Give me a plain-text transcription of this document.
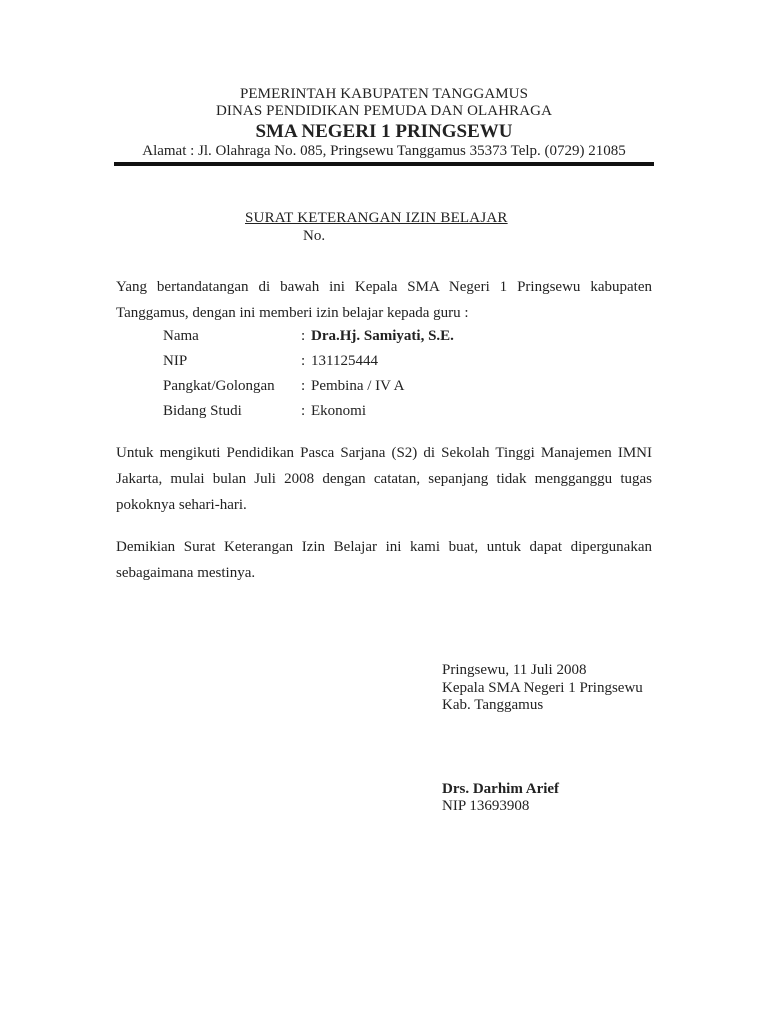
PEMERINTAH KABUPATEN TANGGAMUS
DINAS PENDIDIKAN PEMUDA DAN OLAHRAGA
SMA NEGERI 1 PRINGSEWU
Alamat : Jl. Olahraga No. 085, Pringsewu Tanggamus 35373 Telp. (0729) 21085
SURAT KETERANGAN IZIN BELAJAR
No.
Yang bertandatangan di bawah ini Kepala SMA Negeri 1 Pringsewu kabupaten Tanggamus, dengan ini memberi izin belajar kepada guru :
Nama	: Dra.Hj. Samiyati, S.E.
NIP	: 131125444
Pangkat/Golongan : Pembina / IV A
Bidang Studi	: Ekonomi
Untuk mengikuti Pendidikan Pasca Sarjana (S2) di Sekolah Tinggi Manajemen IMNI Jakarta, mulai bulan Juli 2008 dengan catatan, sepanjang tidak mengganggu tugas pokoknya sehari-hari.
Demikian Surat Keterangan Izin Belajar ini kami buat, untuk dapat dipergunakan sebagaimana mestinya.
Pringsewu, 11 Juli 2008
Kepala SMA Negeri 1 Pringsewu
Kab. Tanggamus
Drs. Darhim Arief
NIP 13693908
